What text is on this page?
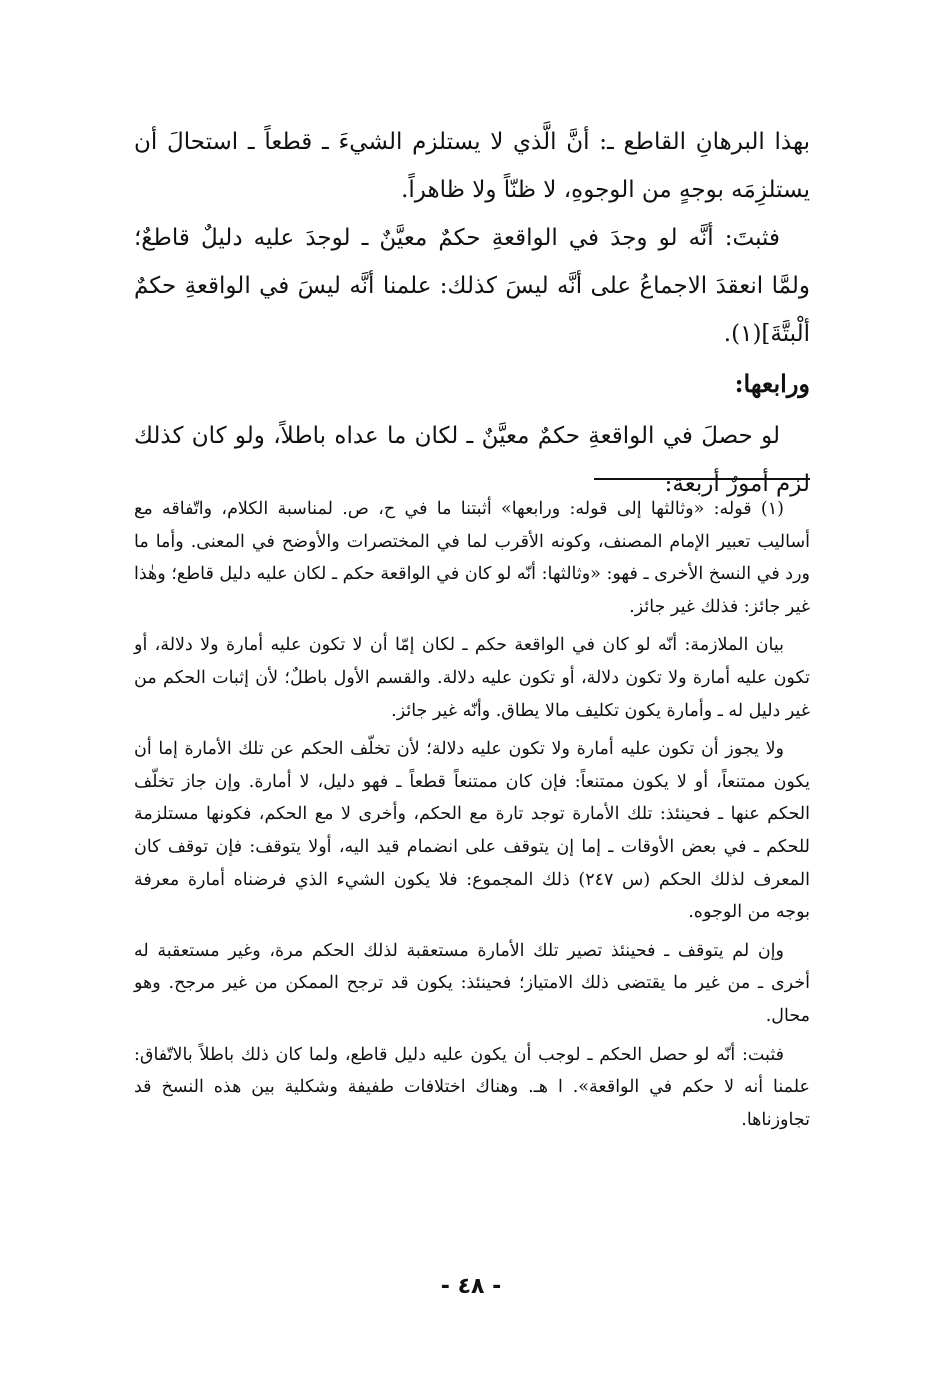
بهذا البرهانِ القاطع ـ: أنَّ الَّذي لا يستلزم الشيءَ ـ قطعاً ـ استحالَ أن يستلزِمَه بوجهٍ من الوجوهِ، لا ظنّاً ولا ظاهراً.

فثبتَ: أنَّه لو وجدَ في الواقعةِ حكمٌ معيَّنٌ ـ لوجدَ عليه دليلٌ قاطعٌ؛ ولمَّا انعقدَ الاجماعُ على أنَّه ليسَ كذلك: علمنا أنَّه ليسَ في الواقعةِ حكمٌ ألْبتَّةَ](١).

ورابعها:

لو حصلَ في الواقعةِ حكمٌ معيَّنٌ ـ لكان ما عداه باطلاً، ولو كان كذلك لزم أمورٌ أربعة:

(١) قوله: «وثالثها إلى قوله: ورابعها» أثبتنا ما في ح، ص. لمناسبة الكلام، واتّفاقه مع أساليب تعبير الإمام المصنف، وكونه الأقرب لما في المختصرات والأوضح في المعنى. وأما ما ورد في النسخ الأخرى ـ فهو: «وثالثها: أنّه لو كان في الواقعة حكم ـ لكان عليه دليل قاطع؛ وهٰذا غير جائز: فذلك غير جائز.

بيان الملازمة: أنّه لو كان في الواقعة حكم ـ لكان إمّا أن لا تكون عليه أمارة ولا دلالة، أو تكون عليه أمارة ولا تكون دلالة، أو تكون عليه دلالة. والقسم الأول باطلٌ؛ لأن إثبات الحكم من غير دليل له ـ وأمارة يكون تكليف مالا يطاق. وأنّه غير جائز.

ولا يجوز أن تكون عليه أمارة ولا تكون عليه دلالة؛ لأن تخلّف الحكم عن تلك الأمارة إما أن يكون ممتنعاً، أو لا يكون ممتنعاً: فإن كان ممتنعاً قطعاً ـ فهو دليل، لا أمارة. وإن جاز تخلّف الحكم عنها ـ فحينئذ: تلك الأمارة توجد تارة مع الحكم، وأخرى لا مع الحكم، فكونها مستلزمة للحكم ـ في بعض الأوقات ـ إما إن يتوقف على انضمام قيد اليه، أولا يتوقف: فإن توقف كان المعرف لذلك الحكم (س ٢٤٧) ذلك المجموع: فلا يكون الشيء الذي فرضناه أمارة معرفة بوجه من الوجوه.

وإن لم يتوقف ـ فحينئذ تصير تلك الأمارة مستعقبة لذلك الحكم مرة، وغير مستعقبة له أخرى ـ من غير ما يقتضى ذلك الامتياز؛ فحينئذ: يكون قد ترجح الممكن من غير مرجح. وهو محال.

فثبت: أنّه لو حصل الحكم ـ لوجب أن يكون عليه دليل قاطع، ولما كان ذلك باطلاً بالاتّفاق: علمنا أنه لا حكم في الواقعة». ا هـ. وهناك اختلافات طفيفة وشكلية بين هذه النسخ قد تجاوزناها.

- ٤٨ -
